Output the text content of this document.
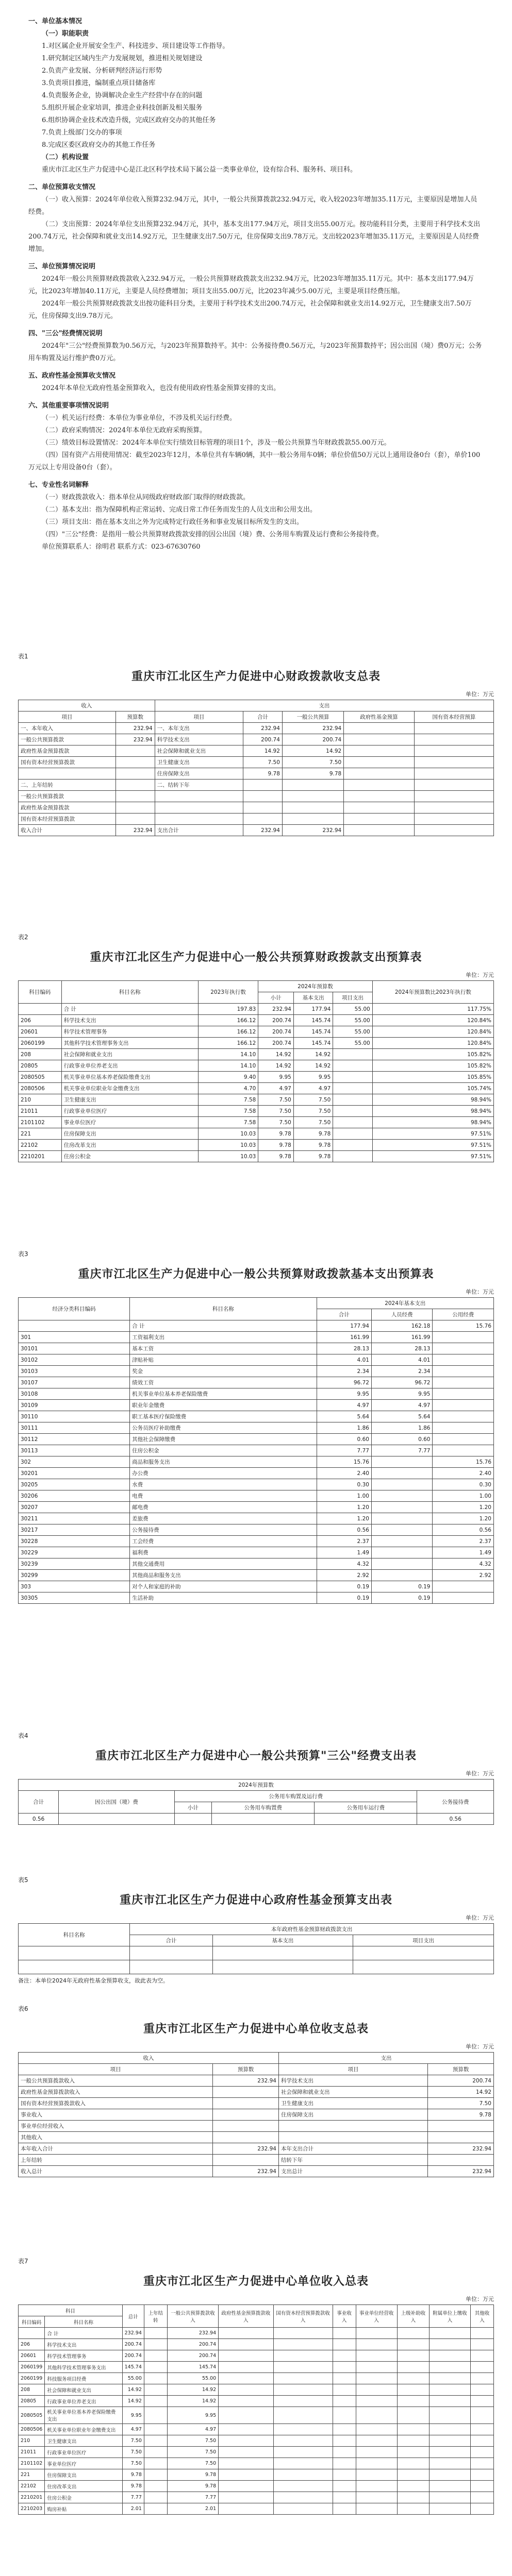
一、单位基本情况
（一）职能职责

1.对区属企业开展安全生产、科技进步、项目建设等工作指导。

1.研究制定区域内生产力发展规划，推进相关规划建设

2.负责产业发展、分析研判经济运行形势

3.负责项目推进，编制重点项目储备库

4.负责服务企业，协调解决企业生产经营中存在的问题

5.组织开展企业家培训，推进企业科技创新及相关服务

6.组织协调企业技术改造升级，完成区政府交办的其他任务

7.负责上级部门交办的事项

8.完成区委区政府交办的其他工作任务

（二）机构设置

重庆市江北区生产力促进中心是江北区科学技术局下属公益一类事业单位，设有综合科、服务科、项目科。

二、单位预算收支情况

（一）收入预算：2024年单位收入预算232.94万元，其中，一般公共预算拨款232.94万元，收入较2023年增加35.11万元，主要原因是增加人员经费。

（二）支出预算：2024年单位支出预算232.94万元，其中，基本支出177.94万元，项目支出55.00万元。按功能科目分类，主要用于科学技术支出200.74万元，社会保障和就业支出14.92万元，卫生健康支出7.50万元，住房保障支出9.78万元。支出较2023年增加35.11万元，主要原因是人员经费增加。

三、单位预算情况说明

2024年一般公共预算财政拨款收入232.94万元，一般公共预算财政拨款支出232.94万元，比2023年增加35.11万元。其中：基本支出177.94万元，比2023年增加40.11万元，主要是人员经费增加；项目支出55.00万元，比2023年减少5.00万元，主要是项目经费压缩。

2024年一般公共预算财政拨款支出按功能科目分类，主要用于科学技术支出200.74万元，社会保障和就业支出14.92万元，卫生健康支出7.50万元，住房保障支出9.78万元。

四、"三公"经费情况说明

2024年"三公"经费预算数为0.56万元，与2023年预算数持平。其中：公务接待费0.56万元，与2023年预算数持平；因公出国（境）费0万元；公务用车购置及运行维护费0万元。

五、政府性基金预算收支情况

2024年本单位无政府性基金预算收入，也没有使用政府性基金预算安排的支出。

六、其他重要事项情况说明

（一）机关运行经费：本单位为事业单位，不涉及机关运行经费。

（二）政府采购情况：2024年本单位无政府采购预算。

（三）绩效目标设置情况：2024年本单位实行绩效目标管理的项目1个，涉及一般公共预算当年财政拨款55.00万元。

（四）国有资产占用使用情况：截至2023年12月，本单位共有车辆0辆，其中一般公务用车0辆；单位价值50万元以上通用设备0台（套），单价100万元以上专用设备0台（套）。

七、专业性名词解释

（一）财政拨款收入：指本单位从同级政府财政部门取得的财政拨款。

（二）基本支出：指为保障机构正常运转、完成日常工作任务而发生的人员支出和公用支出。

（三）项目支出：指在基本支出之外为完成特定行政任务和事业发展目标所发生的支出。

（四）"三公"经费：是指用一般公共预算财政拨款安排的因公出国（境）费、公务用车购置及运行费和公务接待费。

单位预算联系人：徐明君 联系方式：023-67630760

表1
重庆市江北区生产力促进中心财政拨款收支总表
单位：万元
收入		支出				
项目	预算数	项目	合计	一般公共预算	政府性基金预算	国有资本经营预算
一、本年收入	232.94	一、本年支出	232.94	232.94		
一般公共预算拨款	232.94	科学技术支出	200.74	200.74		
政府性基金预算拨款		社会保障和就业支出	14.92	14.92		
国有资本经营预算拨款		卫生健康支出	7.50	7.50		
		住房保障支出	9.78	9.78		
二、上年结转		二、结转下年				
一般公共预算拨款						
政府性基金预算拨款						
国有资本经营预算拨款						
收入合计	232.94	支出合计	232.94	232.94		
表2
重庆市江北区生产力促进中心一般公共预算财政拨款支出预算表
单位：万元
科目编码	科目名称	2023年执行数	2024年预算数			2024年预算数比2023年执行数
			小计	基本支出	项目支出	
	合 计	197.83	232.94	177.94	55.00	117.75%
206	科学技术支出	166.12	200.74	145.74	55.00	120.84%
20601	科学技术管理事务	166.12	200.74	145.74	55.00	120.84%
2060199	其他科学技术管理事务支出	166.12	200.74	145.74	55.00	120.84%
208	社会保障和就业支出	14.10	14.92	14.92		105.82%
20805	行政事业单位养老支出	14.10	14.92	14.92		105.82%
2080505	机关事业单位基本养老保险缴费支出	9.40	9.95	9.95		105.85%
2080506	机关事业单位职业年金缴费支出	4.70	4.97	4.97		105.74%
210	卫生健康支出	7.58	7.50	7.50		98.94%
21011	行政事业单位医疗	7.58	7.50	7.50		98.94%
2101102	事业单位医疗	7.58	7.50	7.50		98.94%
221	住房保障支出	10.03	9.78	9.78		97.51%
22102	住房改革支出	10.03	9.78	9.78		97.51%
2210201	住房公积金	10.03	9.78	9.78		97.51%
表3
重庆市江北区生产力促进中心一般公共预算财政拨款基本支出预算表
单位：万元
经济分类科目编码	科目名称	2024年基本支出		
		合计	人员经费	公用经费
	合 计	177.94	162.18	15.76
301	工资福利支出	161.99	161.99	
30101	基本工资	28.13	28.13	
30102	津贴补贴	4.01	4.01	
30103	奖金	2.34	2.34	
30107	绩效工资	96.72	96.72	
30108	机关事业单位基本养老保险缴费	9.95	9.95	
30109	职业年金缴费	4.97	4.97	
30110	职工基本医疗保险缴费	5.64	5.64	
30111	公务员医疗补助缴费	1.86	1.86	
30112	其他社会保障缴费	0.60	0.60	
30113	住房公积金	7.77	7.77	
302	商品和服务支出	15.76		15.76
30201	办公费	2.40		2.40
30205	水费	0.30		0.30
30206	电费	1.00		1.00
30207	邮电费	1.20		1.20
30211	差旅费	1.20		1.20
30217	公务接待费	0.56		0.56
30228	工会经费	2.37		2.37
30229	福利费	1.49		1.49
30239	其他交通费用	4.32		4.32
30299	其他商品和服务支出	2.92		2.92
303	对个人和家庭的补助	0.19	0.19	
30305	生活补助	0.19	0.19	
表4
重庆市江北区生产力促进中心一般公共预算"三公"经费支出表
单位：万元
2024年预算数					
合计	因公出国（境）费	公务用车购置及运行费			公务接待费
		小计	公务用车购置费	公务用车运行费	
0.56					0.56
表5
重庆市江北区生产力促进中心政府性基金预算支出表
单位：万元
科目名称	本年政府性基金预算财政拨款支出		
	合计	基本支出	项目支出

备注：本单位2024年无政府性基金预算收支，故此表为空。
表6
重庆市江北区生产力促进中心单位收支总表
单位：万元
收入		支出	
项目	预算数	项目	预算数
一般公共预算拨款收入	232.94	科学技术支出	200.74
政府性基金预算拨款收入		社会保障和就业支出	14.92
国有资本经营预算拨款收入		卫生健康支出	7.50
事业收入		住房保障支出	9.78
事业单位经营收入			
其他收入			
本年收入合计	232.94	本年支出合计	232.94
上年结转		结转下年	
收入总计	232.94	支出总计	232.94
表7
重庆市江北区生产力促进中心单位收入总表
单位：万元
科目		总计	上年结转	一般公共预算拨款收入	政府性基金预算拨款收入	国有资本经营预算拨款收入	事业收入	事业单位经营收入	上级补助收入	附属单位上缴收入	其他收入
科目编码	科目名称										
	合 计	232.94		232.94							
206	科学技术支出	200.74		200.74							
20601	科学技术管理事务	200.74		200.74							
2060199	其他科学技术管理事务支出	145.74		145.74							
2060199	科技服务项目经费	55.00		55.00							
208	社会保障和就业支出	14.92		14.92							
20805	行政事业单位养老支出	14.92		14.92							
2080505	机关事业单位基本养老保险缴费支出	9.95		9.95							
2080506	机关事业单位职业年金缴费支出	4.97		4.97							
210	卫生健康支出	7.50		7.50							
21011	行政事业单位医疗	7.50		7.50							
2101102	事业单位医疗	7.50		7.50							
221	住房保障支出	9.78		9.78							
22102	住房改革支出	9.78		9.78							
2210201	住房公积金	7.77		7.77							
2210203	购房补贴	2.01		2.01							
